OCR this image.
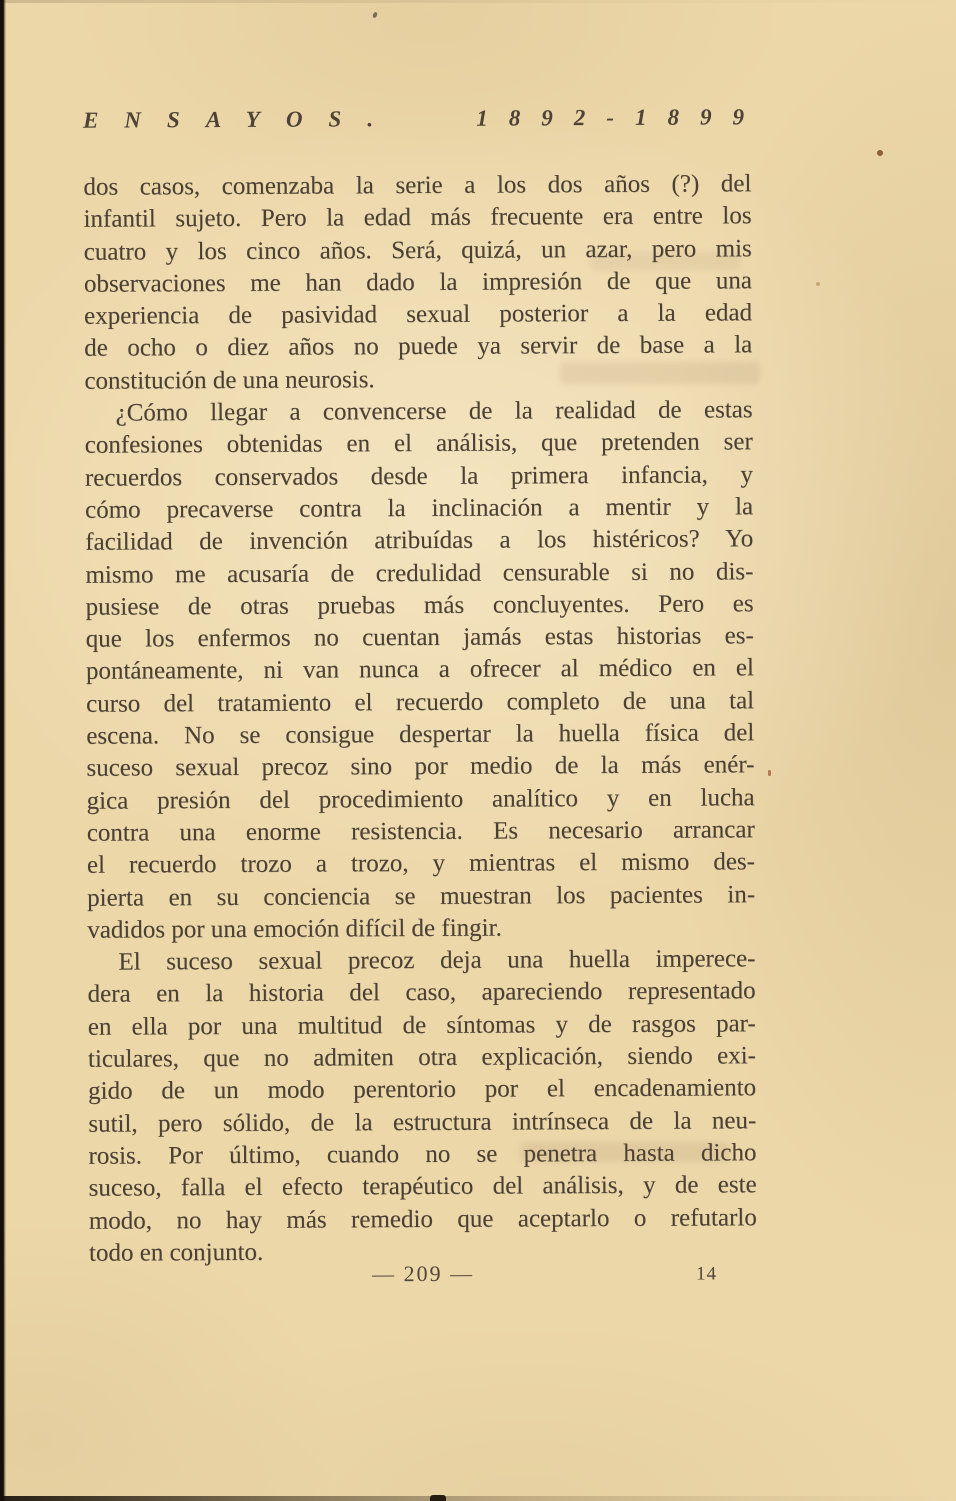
ENSAYOS.	1892-1899
dos casos, comenzaba la serie a los dos años (?) del
infantil sujeto. Pero la edad más frecuente era entre los
cuatro y los cinco años. Será, quizá, un azar, pero mis
observaciones me han dado la impresión de que una
experiencia de pasividad sexual posterior a la edad
de ocho o diez años no puede ya servir de base a la
constitución de una neurosis.
¿Cómo llegar a convencerse de la realidad de estas
confesiones obtenidas en el análisis, que pretenden ser
recuerdos conservados desde la primera infancia, y
cómo precaverse contra la inclinación a mentir y la
facilidad de invención atribuídas a los histéricos? Yo
mismo me acusaría de credulidad censurable si no dis-
pusiese de otras pruebas más concluyentes. Pero es
que los enfermos no cuentan jamás estas historias es-
pontáneamente, ni van nunca a ofrecer al médico en el
curso del tratamiento el recuerdo completo de una tal
escena. No se consigue despertar la huella física del
suceso sexual precoz sino por medio de la más enér-
gica presión del procedimiento analítico y en lucha
contra una enorme resistencia. Es necesario arrancar
el recuerdo trozo a trozo, y mientras el mismo des-
pierta en su conciencia se muestran los pacientes in-
vadidos por una emoción difícil de fingir.
El suceso sexual precoz deja una huella imperece-
dera en la historia del caso, apareciendo representado
en ella por una multitud de síntomas y de rasgos par-
ticulares, que no admiten otra explicación, siendo exi-
gido de un modo perentorio por el encadenamiento
sutil, pero sólido, de la estructura intrínseca de la neu-
rosis. Por último, cuando no se penetra hasta dicho
suceso, falla el efecto terapéutico del análisis, y de este
modo, no hay más remedio que aceptarlo o refutarlo
todo en conjunto.
— 209 —	14
